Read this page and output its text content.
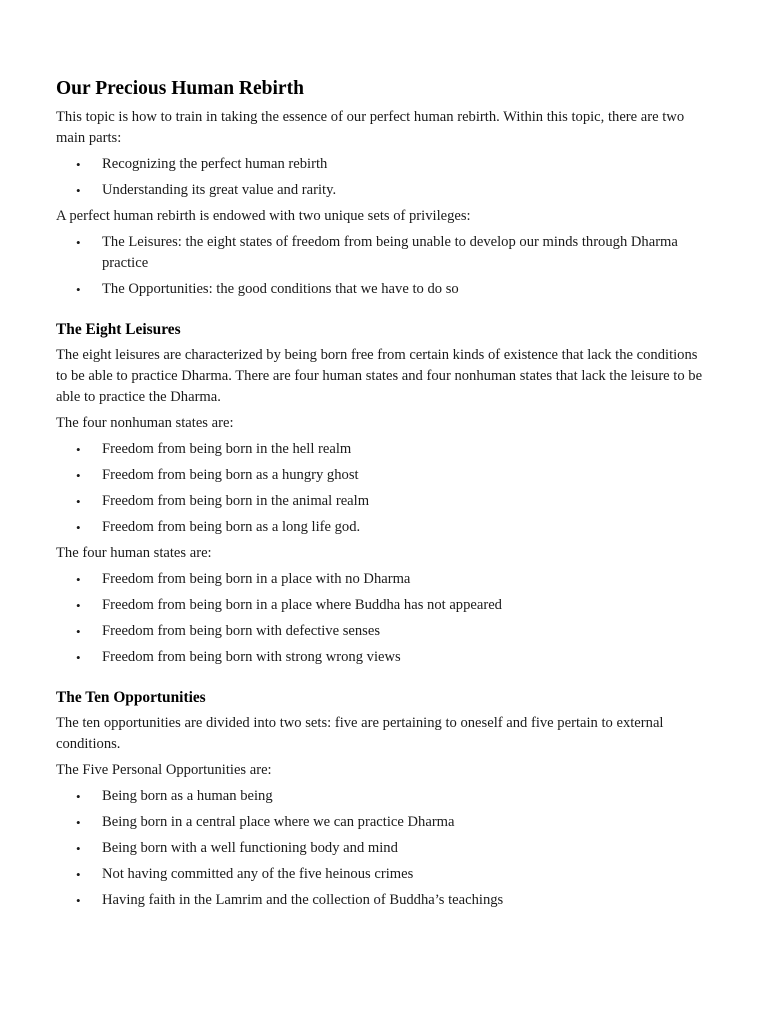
Our Precious Human Rebirth

This topic is how to train in taking the essence of our perfect human rebirth. Within this topic, there are two main parts:

• Recognizing the perfect human rebirth
• Understanding its great value and rarity.

A perfect human rebirth is endowed with two unique sets of privileges:

• The Leisures: the eight states of freedom from being unable to develop our minds through Dharma practice
• The Opportunities: the good conditions that we have to do so
The Eight Leisures

The eight leisures are characterized by being born free from certain kinds of existence that lack the conditions to be able to practice Dharma. There are four human states and four nonhuman states that lack the leisure to be able to practice the Dharma.

The four nonhuman states are:

• Freedom from being born in the hell realm
• Freedom from being born as a hungry ghost
• Freedom from being born in the animal realm
• Freedom from being born as a long life god.

The four human states are:

• Freedom from being born in a place with no Dharma
• Freedom from being born in a place where Buddha has not appeared
• Freedom from being born with defective senses
• Freedom from being born with strong wrong views
The Ten Opportunities

The ten opportunities are divided into two sets: five are pertaining to oneself and five pertain to external conditions.

The Five Personal Opportunities are:

• Being born as a human being
• Being born in a central place where we can practice Dharma
• Being born with a well functioning body and mind
• Not having committed any of the five heinous crimes
• Having faith in the Lamrim and the collection of Buddha’s teachings
